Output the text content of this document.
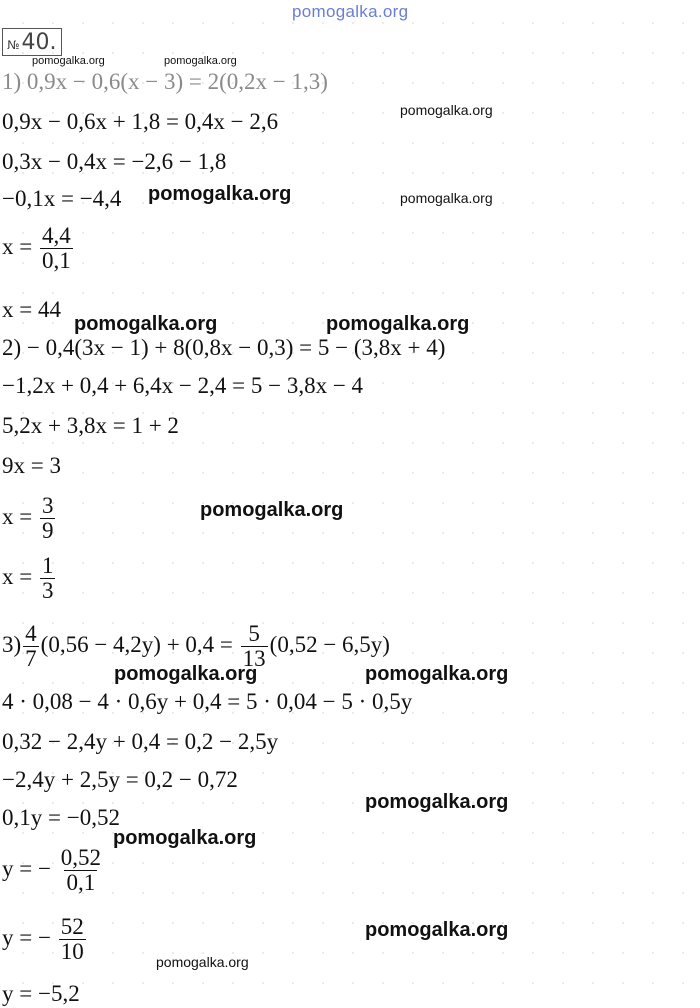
pomogalka.org
№40.
pomogalka.org	pomogalka.org
1) 0,9x − 0,6(x − 3) = 2(0,2x − 1,3)
0,9x − 0,6x + 1,8 = 0,4x − 2,6
0,3x − 0,4x = −2,6 − 1,8
−0,1x = −4,4
$x = \frac{4,4}{0,1}$
x = 44
2) − 0,4(3x − 1) + 8(0,8x − 0,3) = 5 − (3,8x + 4)
−1,2x + 0,4 + 6,4x − 2,4 = 5 − 3,8x − 4
5,2x + 3,8x = 1 + 2
9x = 3
$x = \frac{3}{9}$
$x = \frac{1}{3}$
$3) \frac{4}{7} (0,56 - 4,2y) + 0,4 = \frac{5}{13} (0,52 - 6,5y)$
4 · 0,08 − 4 · 0,6y + 0,4 = 5 · 0,04 − 5 · 0,5y
0,32 − 2,4y + 0,4 = 0,2 − 2,5y
−2,4y + 2,5y = 0,2 − 0,72
0,1y = −0,52
y = − $\frac{0,52}{0,1}$
y = − $\frac{52}{10}$
y = −5,2
pomogalka.org
pomogalka.org
pomogalka.org
pomogalka.org	pomogalka.org
pomogalka.org
pomogalka.org	pomogalka.org
pomogalka.org
pomogalka.org
pomogalka.org
pomogalka.org
